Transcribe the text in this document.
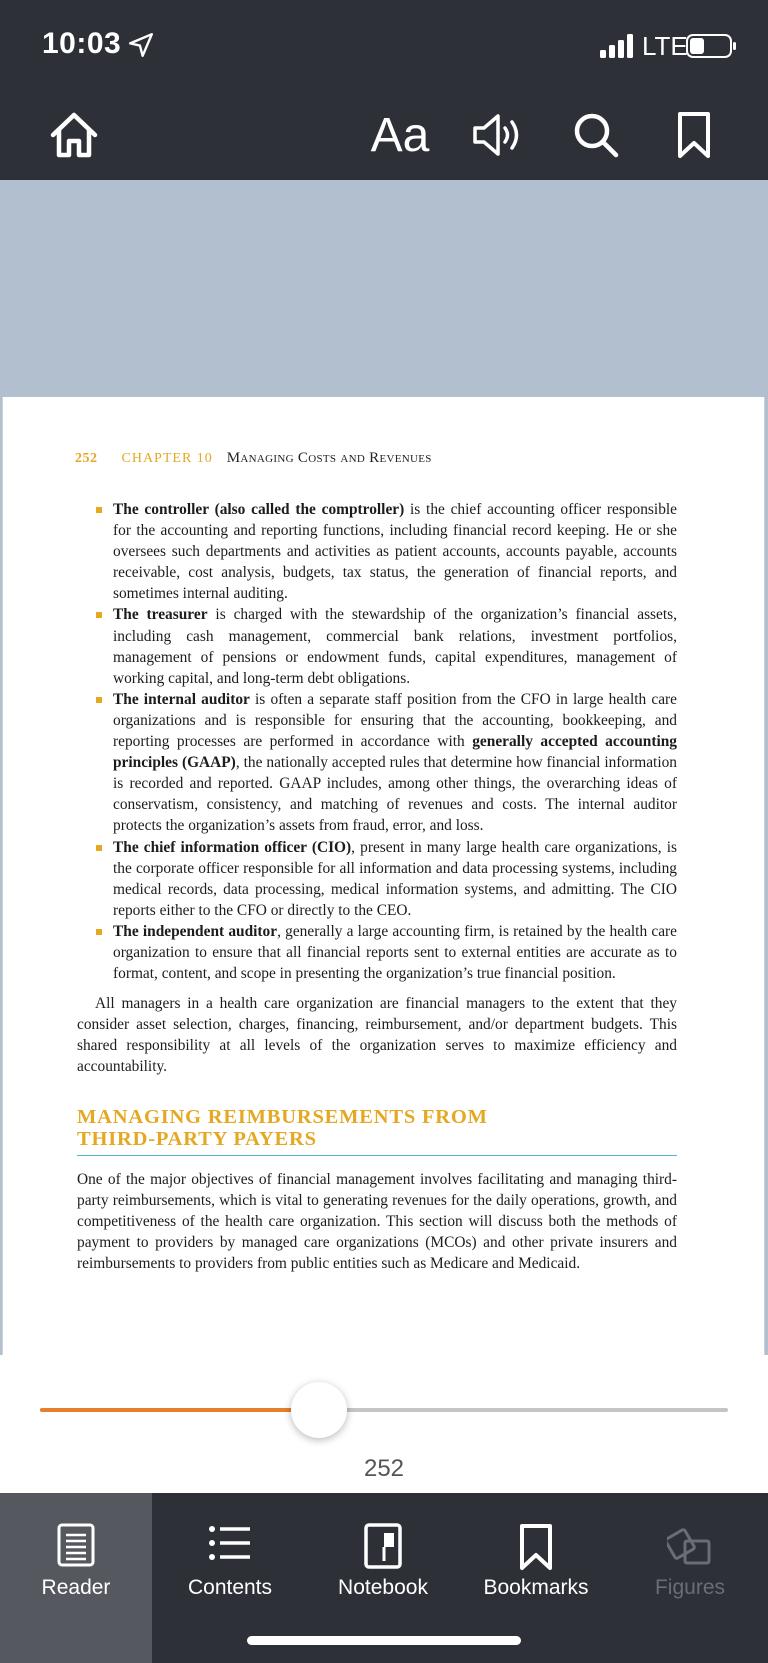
10:03	LTE
Aa
252 CHAPTER 10 Managing Costs and Revenues
The controller (also called the comptroller) is the chief accounting officer responsible for the accounting and reporting functions, including financial record keeping. He or she oversees such departments and activities as patient accounts, accounts payable, accounts receivable, cost analysis, budgets, tax status, the generation of financial reports, and sometimes internal auditing.
The treasurer is charged with the stewardship of the organization’s financial assets, including cash management, commercial bank relations, investment portfolios, management of pensions or endowment funds, capital expenditures, management of working capital, and long-term debt obligations.
The internal auditor is often a separate staff position from the CFO in large health care organizations and is responsible for ensuring that the accounting, bookkeeping, and reporting processes are performed in accordance with generally accepted accounting principles (GAAP), the nationally accepted rules that determine how financial information is recorded and reported. GAAP includes, among other things, the overarching ideas of conservatism, consistency, and matching of revenues and costs. The internal auditor protects the organization’s assets from fraud, error, and loss.
The chief information officer (CIO), present in many large health care organizations, is the corporate officer responsible for all information and data processing systems, including medical records, data processing, medical information systems, and admitting. The CIO reports either to the CFO or directly to the CEO.
The independent auditor, generally a large accounting firm, is retained by the health care organization to ensure that all financial reports sent to external entities are accurate as to format, content, and scope in presenting the organization’s true financial position.

All managers in a health care organization are financial managers to the extent that they consider asset selection, charges, financing, reimbursement, and/or department budgets. This shared responsibility at all levels of the organization serves to maximize efficiency and accountability.

MANAGING REIMBURSEMENTS FROM
THIRD-PARTY PAYERS

One of the major objectives of financial management involves facilitating and managing third-party reimbursements, which is vital to generating revenues for the daily operations, growth, and competitiveness of the health care organization. This section will discuss both the methods of payment to providers by managed care organizations (MCOs) and other private insurers and reimbursements to providers from public entities such as Medicare and Medicaid.

252
Reader	Contents	Notebook	Bookmarks	Figures
